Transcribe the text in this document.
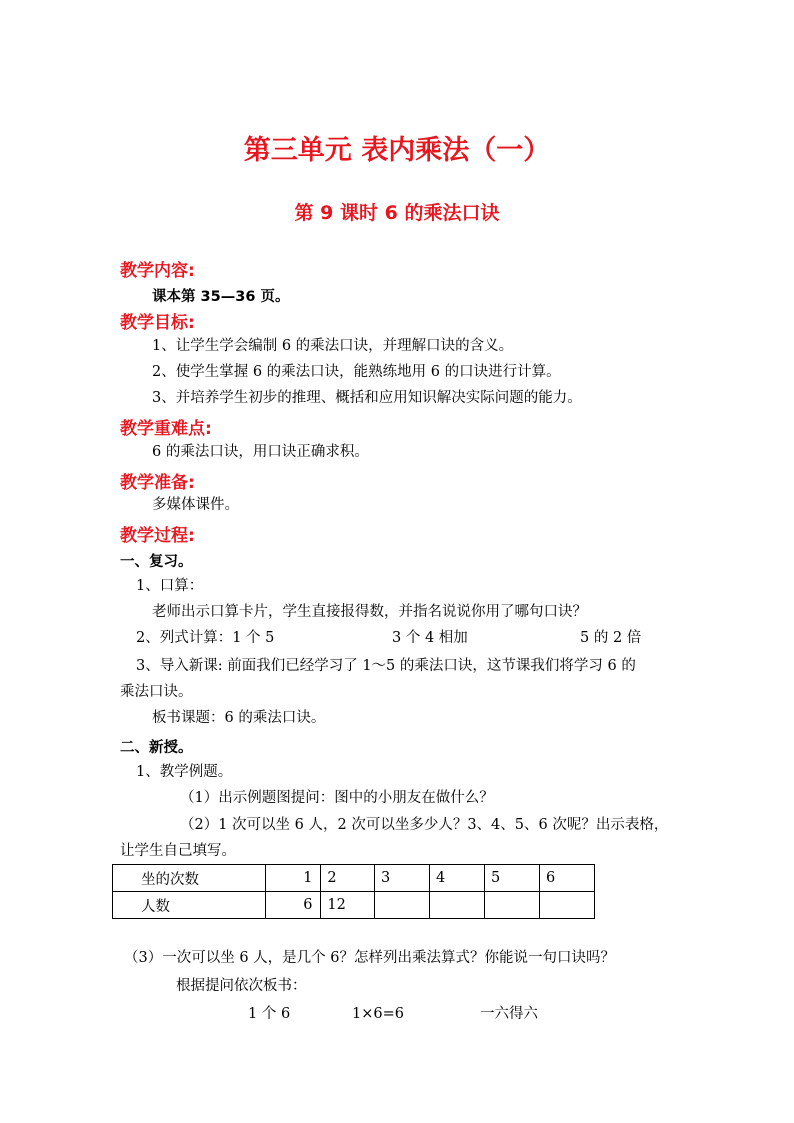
第三单元 表内乘法（一）
第 9 课时 6 的乘法口诀
教学内容:
课本第 35—36 页。
教学目标:
1、让学生学会编制 6 的乘法口诀，并理解口诀的含义。
2、使学生掌握 6 的乘法口诀，能熟练地用 6 的口诀进行计算。
3、并培养学生初步的推理、概括和应用知识解决实际问题的能力。
教学重难点:
6 的乘法口诀，用口诀正确求积。
教学准备:
多媒体课件。
教学过程:
一、复习。
1、口算：
老师出示口算卡片，学生直接报得数，并指名说说你用了哪句口诀？
2、列式计算：1 个 5	3 个 4 相加	5 的 2 倍
3、导入新课: 前面我们已经学习了 1～5 的乘法口诀，这节课我们将学习 6 的
乘法口诀。
板书课题：6 的乘法口诀。
二、新授。
1、教学例题。
（1）出示例题图提问：图中的小朋友在做什么？
（2）1 次可以坐 6 人，2 次可以坐多少人？3、4、5、6 次呢？出示表格，
让学生自己填写。
坐的次数	1	2	3	4	5	6
人数	6	12				
（3）一次可以坐 6 人，是几个 6？怎样列出乘法算式？你能说一句口诀吗？
根据提问依次板书：
1 个 6	1×6=6	一六得六
